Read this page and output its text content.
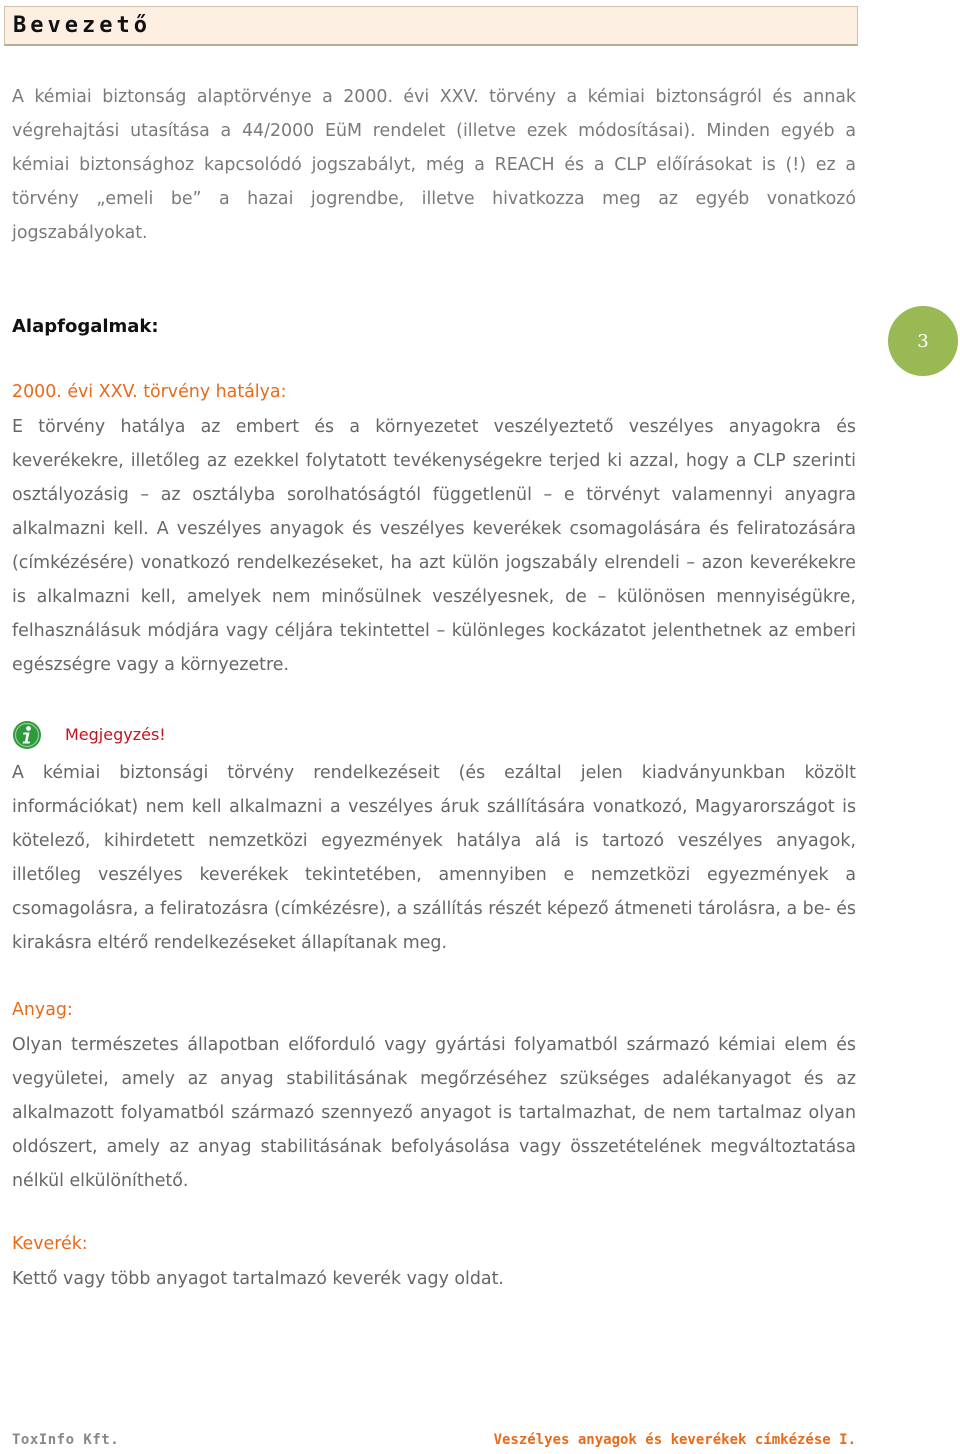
Bevezető

A kémiai biztonság alaptörvénye a 2000. évi XXV. törvény a kémiai biztonságról és annak végrehajtási utasítása a 44/2000 EüM rendelet (illetve ezek módosításai). Minden egyéb a kémiai biztonsághoz kapcsolódó jogszabályt, még a REACH és a CLP előírásokat is (!) ez a törvény „emeli be” a hazai jogrendbe, illetve hivatkozza meg az egyéb vonatkozó jogszabályokat.

Alapfogalmak:
3
2000. évi XXV. törvény hatálya:

E törvény hatálya az embert és a környezetet veszélyeztető veszélyes anyagokra és keverékekre, illetőleg az ezekkel folytatott tevékenységekre terjed ki azzal, hogy a CLP szerinti osztályozásig – az osztályba sorolhatóságtól függetlenül – e törvényt valamennyi anyagra alkalmazni kell. A veszélyes anyagok és veszélyes keverékek csomagolására és feliratozására (címkézésére) vonatkozó rendelkezéseket, ha azt külön jogszabály elrendeli – azon keverékekre is alkalmazni kell, amelyek nem minősülnek veszélyesnek, de – különösen mennyiségükre, felhasználásuk módjára vagy céljára tekintettel – különleges kockázatot jelenthetnek az emberi egészségre vagy a környezetre.

Megjegyzés!

A kémiai biztonsági törvény rendelkezéseit (és ezáltal jelen kiadványunkban közölt információkat) nem kell alkalmazni a veszélyes áruk szállítására vonatkozó, Magyarországot is kötelező, kihirdetett nemzetközi egyezmények hatálya alá is tartozó veszélyes anyagok, illetőleg veszélyes keverékek tekintetében, amennyiben e nemzetközi egyezmények a csomagolásra, a feliratozásra (címkézésre), a szállítás részét képező átmeneti tárolásra, a be- és kirakásra eltérő rendelkezéseket állapítanak meg.

Anyag:

Olyan természetes állapotban előforduló vagy gyártási folyamatból származó kémiai elem és vegyületei, amely az anyag stabilitásának megőrzéséhez szükséges adalékanyagot és az alkalmazott folyamatból származó szennyező anyagot is tartalmazhat, de nem tartalmaz olyan oldószert, amely az anyag stabilitásának befolyásolása vagy összetételének megváltoztatása nélkül elkülöníthető.

Keverék:

Kettő vagy több anyagot tartalmazó keverék vagy oldat.

ToxInfo Kft.	Veszélyes anyagok és keverékek címkézése I.
